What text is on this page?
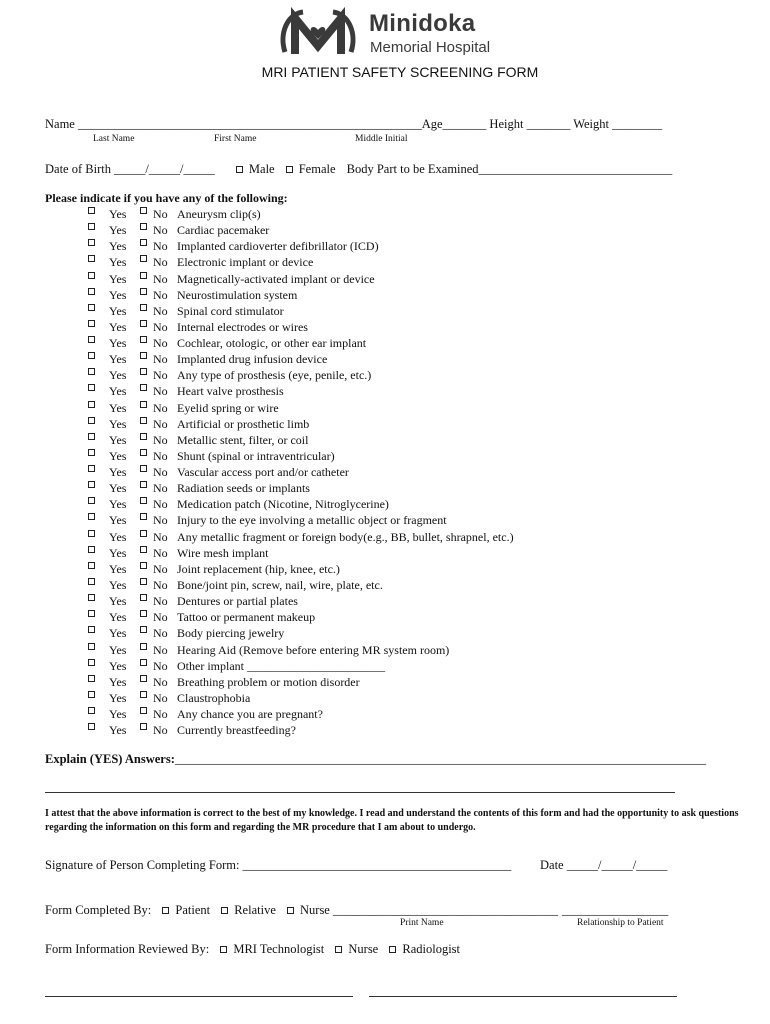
Minidoka
Memorial Hospital
MRI PATIENT SAFETY SCREENING FORM
Name _______________________________________________________Age_______ Height _______ Weight ________
Last Name	First Name	Middle Initial
Date of Birth _____/_____/_____	Male Female Body Part to be Examined_______________________________
Please indicate if you have any of the following:
Yes No Aneurysm clip(s)
Yes No Cardiac pacemaker
Yes No Implanted cardioverter defibrillator (ICD)
Yes No Electronic implant or device
Yes No Magnetically-activated implant or device
Yes No Neurostimulation system
Yes No Spinal cord stimulator
Yes No Internal electrodes or wires
Yes No Cochlear, otologic, or other ear implant
Yes No Implanted drug infusion device
Yes No Any type of prosthesis (eye, penile, etc.)
Yes No Heart valve prosthesis
Yes No Eyelid spring or wire
Yes No Artificial or prosthetic limb
Yes No Metallic stent, filter, or coil
Yes No Shunt (spinal or intraventricular)
Yes No Vascular access port and/or catheter
Yes No Radiation seeds or implants
Yes No Medication patch (Nicotine, Nitroglycerine)
Yes No Injury to the eye involving a metallic object or fragment
Yes No Any metallic fragment or foreign body(e.g., BB, bullet, shrapnel, etc.)
Yes No Wire mesh implant
Yes No Joint replacement (hip, knee, etc.)
Yes No Bone/joint pin, screw, nail, wire, plate, etc.
Yes No Dentures or partial plates
Yes No Tattoo or permanent makeup
Yes No Body piercing jewelry
Yes No Hearing Aid (Remove before entering MR system room)
Yes No Other implant _______________________
Yes No Breathing problem or motion disorder
Yes No Claustrophobia
Yes No Any chance you are pregnant?
Yes No Currently breastfeeding?
Explain (YES) Answers:_____________________________________________________________________________________
I attest that the above information is correct to the best of my knowledge. I read and understand the contents of this form and had the opportunity to ask questions regarding the information on this form and regarding the MR procedure that I am about to undergo.
Signature of Person Completing Form: ___________________________________________ Date _____/_____/_____
Form Completed By: Patient Relative Nurse ____________________________________ _________________
Print Name	Relationship to Patient
Form Information Reviewed By: MRI Technologist Nurse Radiologist
